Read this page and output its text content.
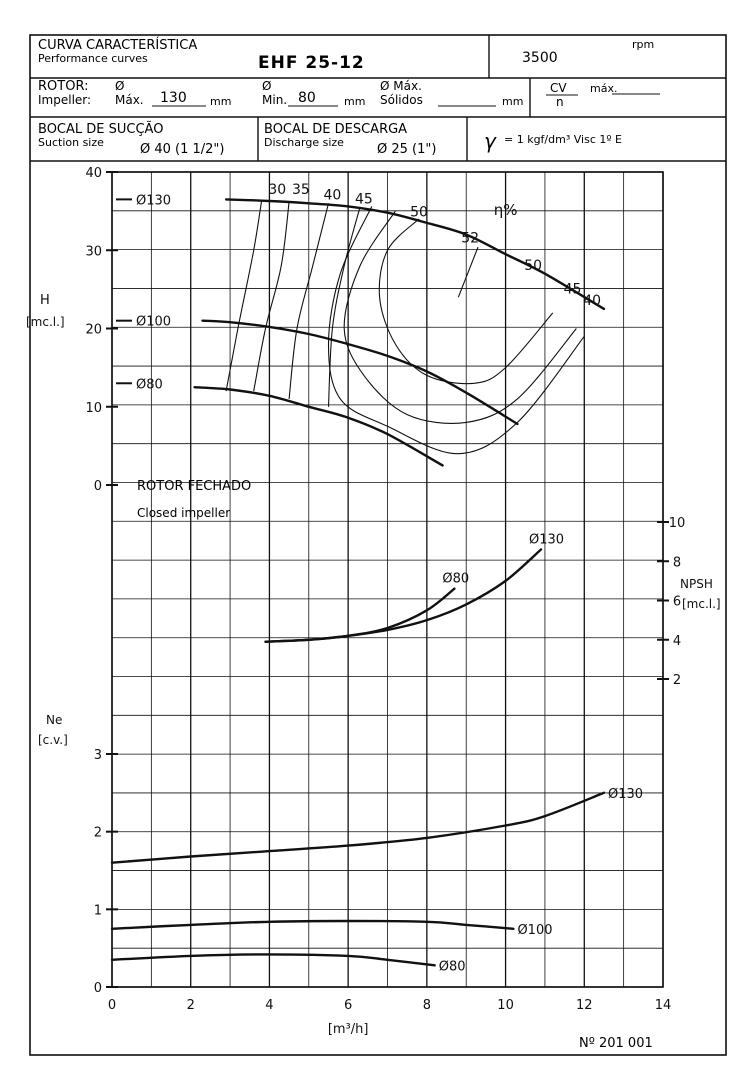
CURVA CARACTERÍSTICA
Performance curves	EHF 25-12
rpm
3500
ROTOR:
Impeller:
Ø
Máx. 130 mm
Ø
Min. 80	mm
Ø Máx.
Sólidos	mm
CV
n
máx.
BOCAL DE SUCÇÃO
Suction size	Ø 40 (1 1/2")
BOCAL DE DESCARGA
Discharge size	Ø 25 (1") γ = 1 kgf/dm³ Visc 1º E
0	2	4	6	8	10	12	14
[m³/h]
0
10
20
30
40
H
[mc.l.]
2
4
6
8
10
NPSH
[mc.l.]
0
1
2
3
Ne
[c.v.]
Ø130
Ø100
Ø80
Ø130
Ø80
Ø130
Ø100
Ø80
30 35 40 45
50
52
50
45
40
η%
ROTOR FECHADO
Closed impeller
Nº 201 001
